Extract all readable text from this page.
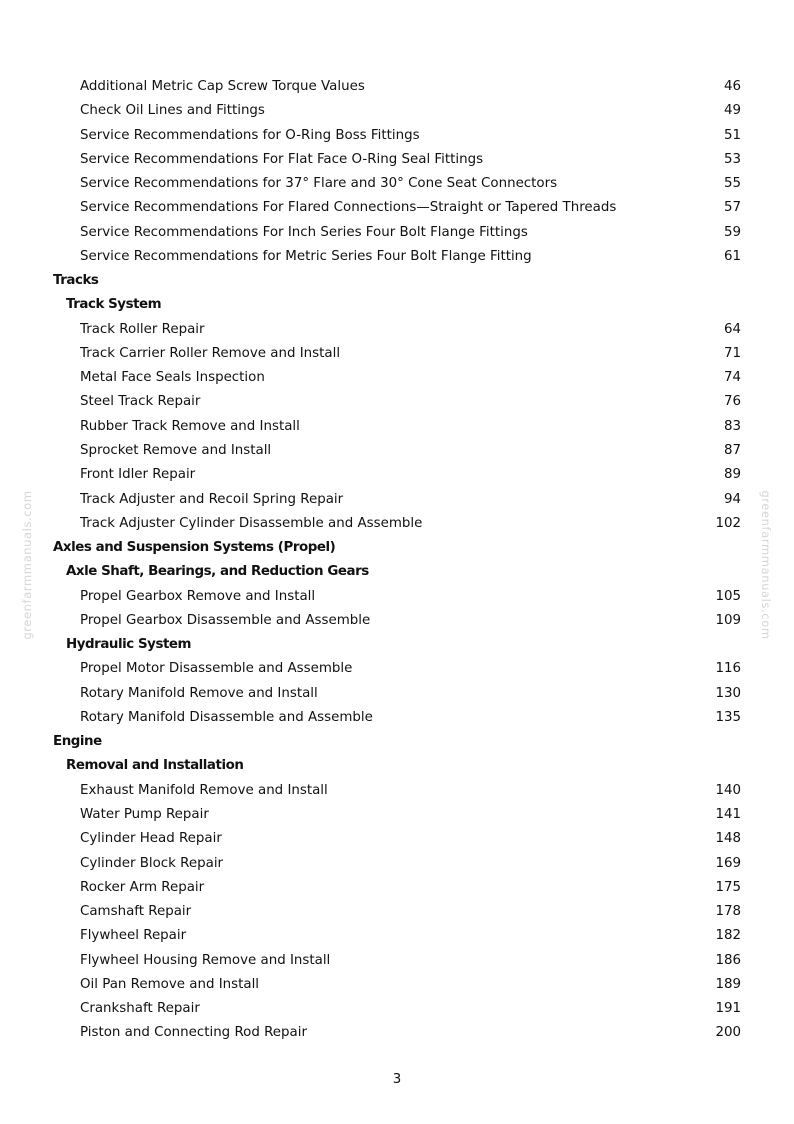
greenfarmmanuals.com	greenfarmmanuals.com
Additional Metric Cap Screw Torque Values	46
Check Oil Lines and Fittings	49
Service Recommendations for O-Ring Boss Fittings	51
Service Recommendations For Flat Face O-Ring Seal Fittings	53
Service Recommendations for 37° Flare and 30° Cone Seat Connectors	55
Service Recommendations For Flared Connections—Straight or Tapered Threads	57
Service Recommendations For Inch Series Four Bolt Flange Fittings	59
Service Recommendations for Metric Series Four Bolt Flange Fitting	61
Tracks
Track System
Track Roller Repair	64
Track Carrier Roller Remove and Install	71
Metal Face Seals Inspection	74
Steel Track Repair	76
Rubber Track Remove and Install	83
Sprocket Remove and Install	87
Front Idler Repair	89
Track Adjuster and Recoil Spring Repair	94
Track Adjuster Cylinder Disassemble and Assemble	102
Axles and Suspension Systems (Propel)
Axle Shaft, Bearings, and Reduction Gears
Propel Gearbox Remove and Install	105
Propel Gearbox Disassemble and Assemble	109
Hydraulic System
Propel Motor Disassemble and Assemble	116
Rotary Manifold Remove and Install	130
Rotary Manifold Disassemble and Assemble	135
Engine
Removal and Installation
Exhaust Manifold Remove and Install	140
Water Pump Repair	141
Cylinder Head Repair	148
Cylinder Block Repair	169
Rocker Arm Repair	175
Camshaft Repair	178
Flywheel Repair	182
Flywheel Housing Remove and Install	186
Oil Pan Remove and Install	189
Crankshaft Repair	191
Piston and Connecting Rod Repair	200
3
